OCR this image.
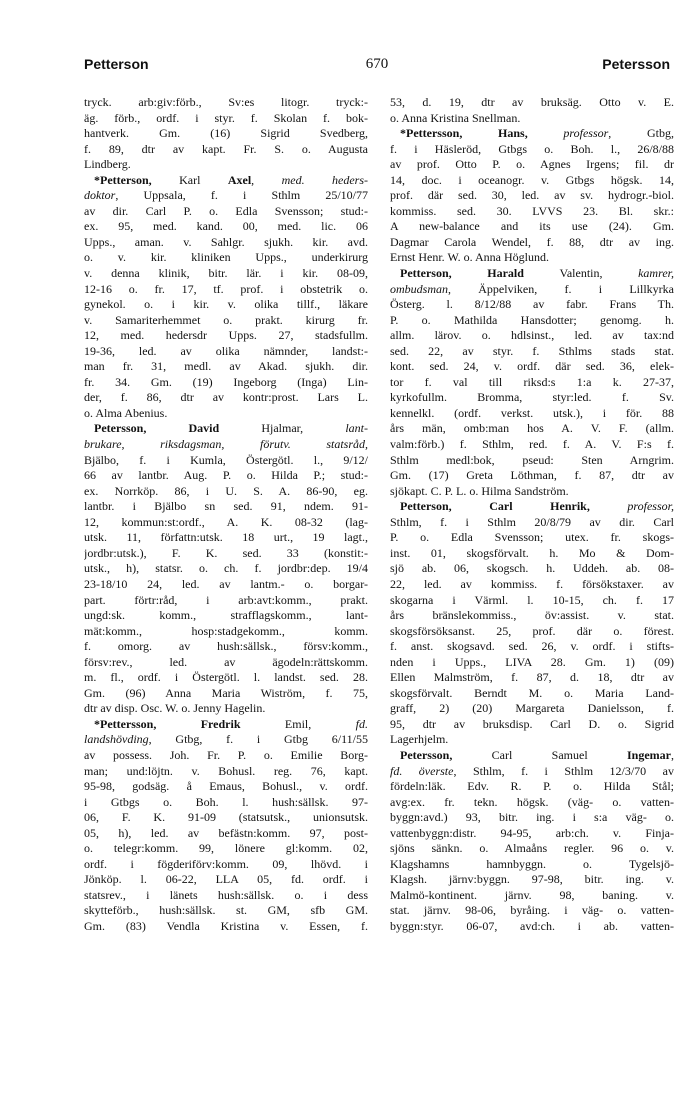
Petterson	670	Petersson
tryck. arb:giv:förb., Sv:es litogr. tryck:-
äg. förb., ordf. i styr. f. Skolan f. bok-
hantverk. Gm. (16) Sigrid Svedberg,
f. 89, dtr av kapt. Fr. S. o. Augusta
Lindberg.
*Petterson, Karl Axel, med. heders-
doktor, Uppsala, f. i Sthlm 25/10/77
av dir. Carl P. o. Edla Svensson; stud:-
ex. 95, med. kand. 00, med. lic. 06
Upps., aman. v. Sahlgr. sjukh. kir. avd.
o. v. kir. kliniken Upps., underkirurg
v. denna klinik, bitr. lär. i kir. 08-09,
12-16 o. fr. 17, tf. prof. i obstetrik o.
gynekol. o. i kir. v. olika tillf., läkare
v. Samariterhemmet o. prakt. kirurg fr.
12, med. hedersdr Upps. 27, stadsfullm.
19-36, led. av olika nämnder, landst:-
man fr. 31, medl. av Akad. sjukh. dir.
fr. 34. Gm. (19) Ingeborg (Inga) Lin-
der, f. 86, dtr av kontr:prost. Lars L.
o. Alma Abenius.
Petersson, David Hjalmar, lant-
brukare, riksdagsman, förutv. statsråd,
Bjälbo, f. i Kumla, Östergötl. l., 9/12/
66 av lantbr. Aug. P. o. Hilda P.; stud:-
ex. Norrköp. 86, i U. S. A. 86-90, eg.
lantbr. i Bjälbo sn sed. 91, ndem. 91-
12, kommun:st:ordf., A. K. 08-32 (lag-
utsk. 11, författn:utsk. 18 urt., 19 lagt.,
jordbr:utsk.), F. K. sed. 33 (konstit:-
utsk., h), statsr. o. ch. f. jordbr:dep. 19/4
23-18/10 24, led. av lantm.- o. borgar-
part. förtr:råd, i arb:avt:komm., prakt.
ungd:sk. komm., strafflagskomm., lant-
mät:komm., hosp:stadgekomm., komm.
f. omorg. av hush:sällsk., försv:komm.,
försv:rev., led. av ägodeln:rättskomm.
m. fl., ordf. i Östergötl. l. landst. sed. 28.
Gm. (96) Anna Maria Wiström, f. 75,
dtr av disp. Osc. W. o. Jenny Hagelin.
*Pettersson, Fredrik Emil, fd.
landshövding, Gtbg, f. i Gtbg 6/11/55
av possess. Joh. Fr. P. o. Emilie Borg-
man; und:löjtn. v. Bohusl. reg. 76, kapt.
95-98, godsäg. å Emaus, Bohusl., v. ordf.
i Gtbgs o. Boh. l. hush:sällsk. 97-
06, F. K. 91-09 (statsutsk., unionsutsk.
05, h), led. av befästn:komm. 97, post-
o. telegr:komm. 99, lönere gl:komm. 02,
ordf. i fögderiförv:komm. 09, lhövd. i
Jönköp. l. 06-22, LLA 05, fd. ordf. i
statsrev., i länets hush:sällsk. o. i dess
skytteförb., hush:sällsk. st. GM, sfb GM.
Gm. (83) Vendla Kristina v. Essen, f.
53, d. 19, dtr av bruksäg. Otto v. E.
o. Anna Kristina Snellman.
*Pettersson, Hans, professor, Gtbg,
f. i Häsleröd, Gtbgs o. Boh. l., 26/8/88
av prof. Otto P. o. Agnes Irgens; fil. dr
14, doc. i oceanogr. v. Gtbgs högsk. 14,
prof. där sed. 30, led. av sv. hydrogr.-biol.
kommiss. sed. 30. LVVS 23. Bl. skr.:
A new-balance and its use (24). Gm.
Dagmar Carola Wendel, f. 88, dtr av ing.
Ernst Henr. W. o. Anna Höglund.
Petterson, Harald Valentin, kamrer,
ombudsman, Äppelviken, f. i Lillkyrka
Österg. l. 8/12/88 av fabr. Frans Th.
P. o. Mathilda Hansdotter; genomg. h.
allm. lärov. o. hdlsinst., led. av tax:nd
sed. 22, av styr. f. Sthlms stads stat.
kont. sed. 24, v. ordf. där sed. 36, elek-
tor f. val till riksd:s 1:a k. 27-37,
kyrkofullm. Bromma, styr:led. f. Sv.
kennelkl. (ordf. verkst. utsk.), i för. 88
års män, omb:man hos A. V. F. (allm.
valm:förb.) f. Sthlm, red. f. A. V. F:s f.
Sthlm medl:bok, pseud: Sten Arngrim.
Gm. (17) Greta Löthman, f. 87, dtr av
sjökapt. C. P. L. o. Hilma Sandström.
Petterson, Carl Henrik, professor,
Sthlm, f. i Sthlm 20/8/79 av dir. Carl
P. o. Edla Svensson; utex. fr. skogs-
inst. 01, skogsförvalt. h. Mo & Dom-
sjö ab. 06, skogsch. h. Uddeh. ab. 08-
22, led. av kommiss. f. försökstaxer. av
skogarna i Värml. l. 10-15, ch. f. 17
års bränslekommiss., öv:assist. v. stat.
skogsförsöksanst. 25, prof. där o. förest.
f. anst. skogsavd. sed. 26, v. ordf. i stifts-
nden i Upps., LIVA 28. Gm. 1) (09)
Ellen Malmström, f. 87, d. 18, dtr av
skogsförvalt. Berndt M. o. Maria Land-
graff, 2) (20) Margareta Danielsson, f.
95, dtr av bruksdisp. Carl D. o. Sigrid
Lagerhjelm.
Petersson, Carl Samuel Ingemar,
fd. överste, Sthlm, f. i Sthlm 12/3/70 av
fördeln:läk. Edv. R. P. o. Hilda Stål;
avg:ex. fr. tekn. högsk. (väg- o. vatten-
byggn:avd.) 93, bitr. ing. i s:a väg- o.
vattenbyggn:distr. 94-95, arb:ch. v. Finja-
sjöns sänkn. o. Almaåns regler. 96 o. v.
Klagshamns hamnbyggn. o. Tygelsjö-
Klagsh. järnv:byggn. 97-98, bitr. ing. v.
Malmö-kontinent. järnv. 98, baning. v.
stat. järnv. 98-06, byråing. i väg- o. vatten-
byggn:styr. 06-07, avd:ch. i ab. vatten-
